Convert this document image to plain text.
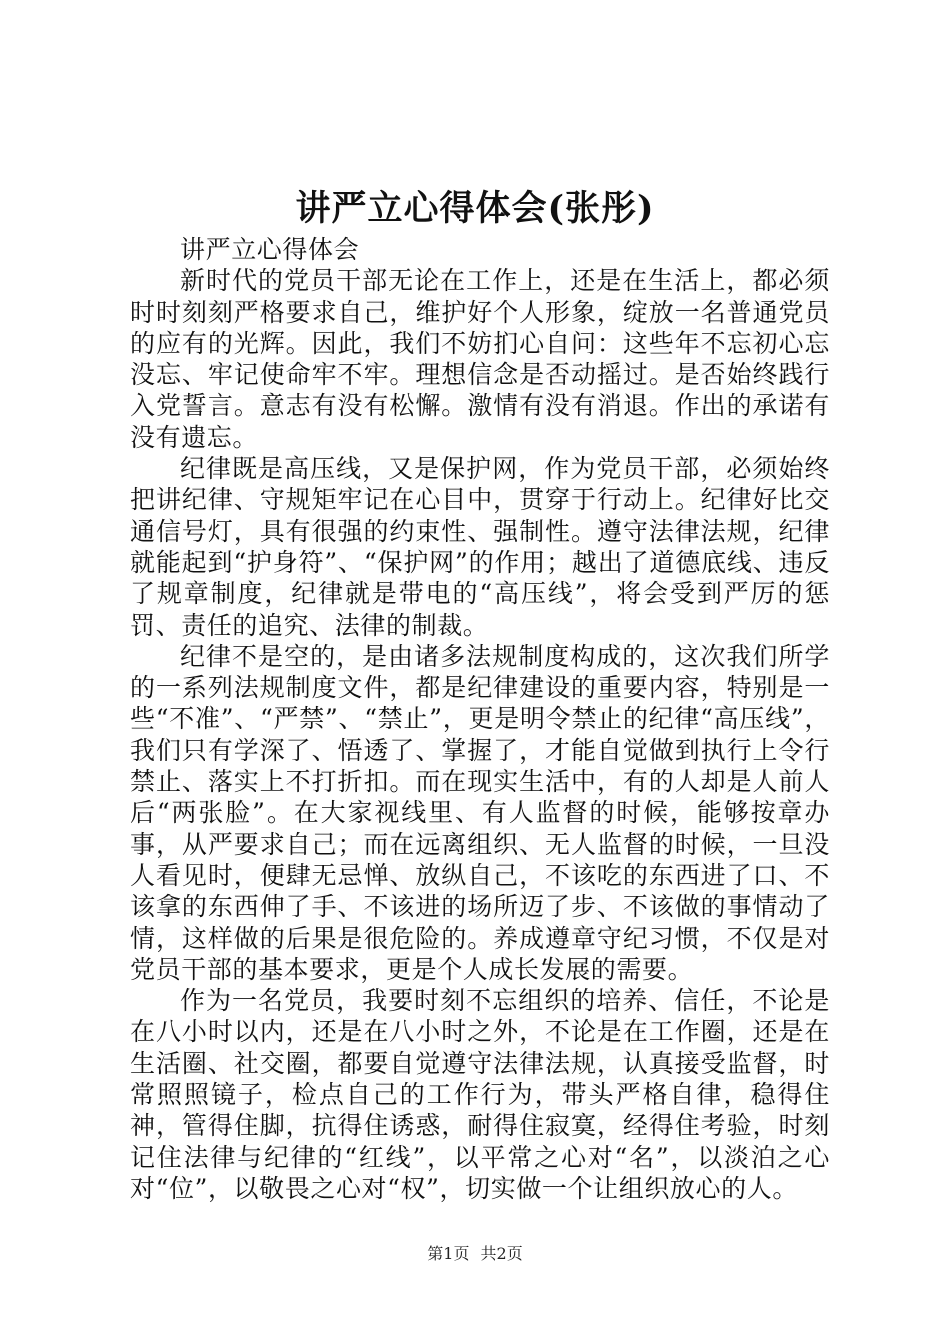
讲严立心得体会(张彤)

讲严立心得体会

新时代的党员干部无论在工作上，还是在生活上，都必须时时刻刻严格要求自己，维护好个人形象，绽放一名普通党员的应有的光辉。因此，我们不妨扪心自问：这些年不忘初心忘没忘、牢记使命牢不牢。理想信念是否动摇过。是否始终践行入党誓言。意志有没有松懈。激情有没有消退。作出的承诺有没有遗忘。

纪律既是高压线，又是保护网，作为党员干部，必须始终把讲纪律、守规矩牢记在心目中，贯穿于行动上。纪律好比交通信号灯，具有很强的约束性、强制性。遵守法律法规，纪律就能起到“护身符”、“保护网”的作用；越出了道德底线、违反了规章制度，纪律就是带电的“高压线”，将会受到严厉的惩罚、责任的追究、法律的制裁。

纪律不是空的，是由诸多法规制度构成的，这次我们所学的一系列法规制度文件，都是纪律建设的重要内容，特别是一些“不准”、“严禁”、“禁止”，更是明令禁止的纪律“高压线”，我们只有学深了、悟透了、掌握了，才能自觉做到执行上令行禁止、落实上不打折扣。而在现实生活中，有的人却是人前人后“两张脸”。在大家视线里、有人监督的时候，能够按章办事，从严要求自己；而在远离组织、无人监督的时候，一旦没人看见时，便肆无忌惮、放纵自己，不该吃的东西进了口、不该拿的东西伸了手、不该进的场所迈了步、不该做的事情动了情，这样做的后果是很危险的。养成遵章守纪习惯，不仅是对党员干部的基本要求，更是个人成长发展的需要。

作为一名党员，我要时刻不忘组织的培养、信任，不论是在八小时以内，还是在八小时之外，不论是在工作圈，还是在生活圈、社交圈，都要自觉遵守法律法规，认真接受监督，时常照照镜子，检点自己的工作行为，带头严格自律，稳得住神，管得住脚，抗得住诱惑，耐得住寂寞，经得住考验，时刻记住法律与纪律的“红线”，以平常之心对“名”，以淡泊之心对“位”，以敬畏之心对“权”，切实做一个让组织放心的人。

第1页 共2页
